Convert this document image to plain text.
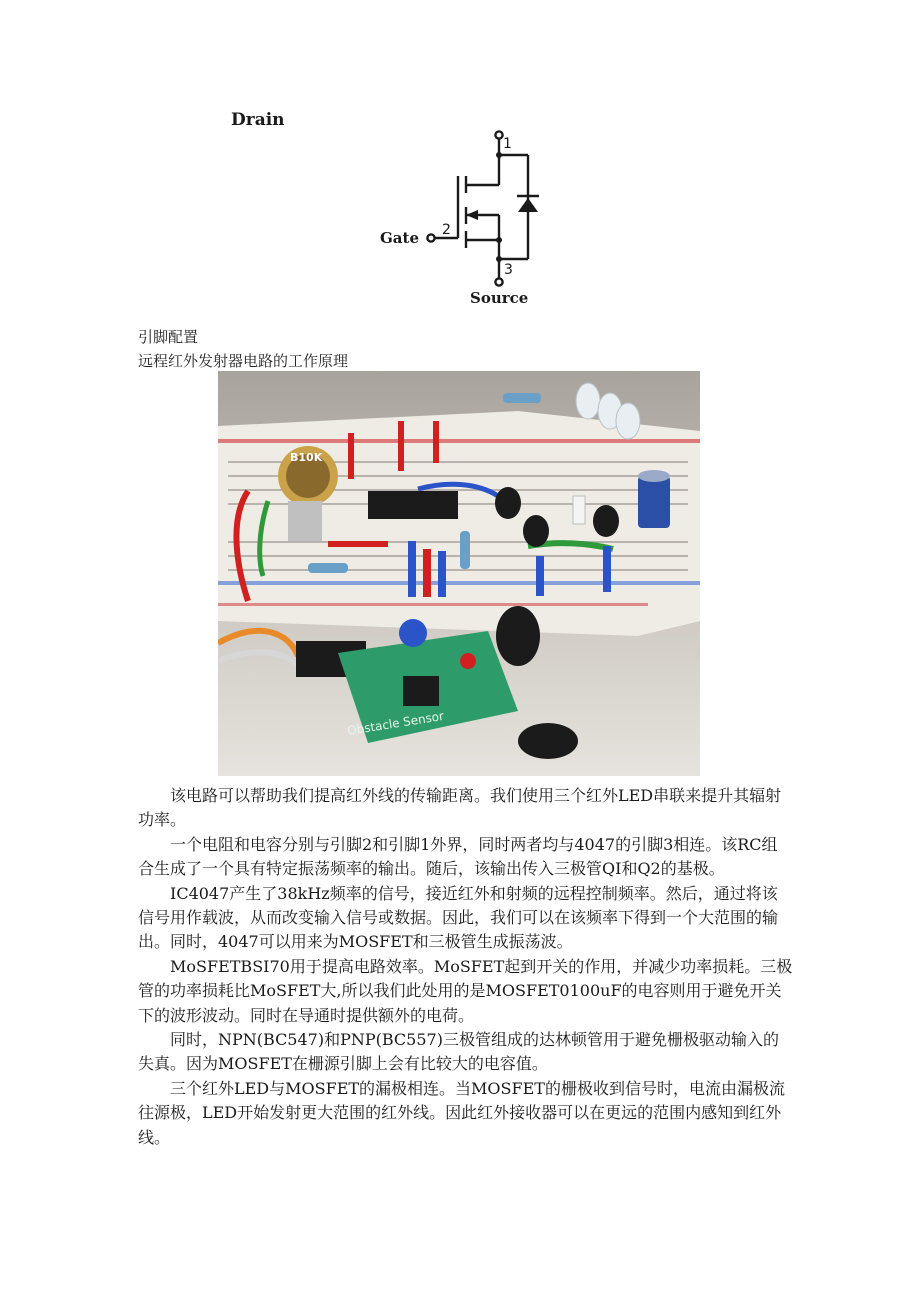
Drain
1
2
3
Gate
Source
引脚配置
远程红外发射器电路的工作原理
B10K
Obstacle Sensor

该电路可以帮助我们提高红外线的传输距离。我们使用三个红外LED串联来提升其辐射功率。

一个电阻和电容分别与引脚2和引脚1外界，同时两者均与4047的引脚3相连。该RC组合生成了一个具有特定振荡频率的输出。随后，该输出传入三极管QI和Q2的基极。

IC4047产生了38kHz频率的信号，接近红外和射频的远程控制频率。然后，通过将该信号用作载波，从而改变输入信号或数据。因此，我们可以在该频率下得到一个大范围的输出。同时，4047可以用来为MOSFET和三极管生成振荡波。

MoSFETBSI70用于提高电路效率。MoSFET起到开关的作用，并减少功率损耗。三极管的功率损耗比MoSFET大,所以我们此处用的是MOSFET0100uF的电容则用于避免开关下的波形波动。同时在导通时提供额外的电荷。

同时，NPN(BC547)和PNP(BC557)三极管组成的达林顿管用于避免栅极驱动输入的失真。因为MOSFET在栅源引脚上会有比较大的电容值。

三个红外LED与MOSFET的漏极相连。当MOSFET的栅极收到信号时，电流由漏极流往源极，LED开始发射更大范围的红外线。因此红外接收器可以在更远的范围内感知到红外线。
